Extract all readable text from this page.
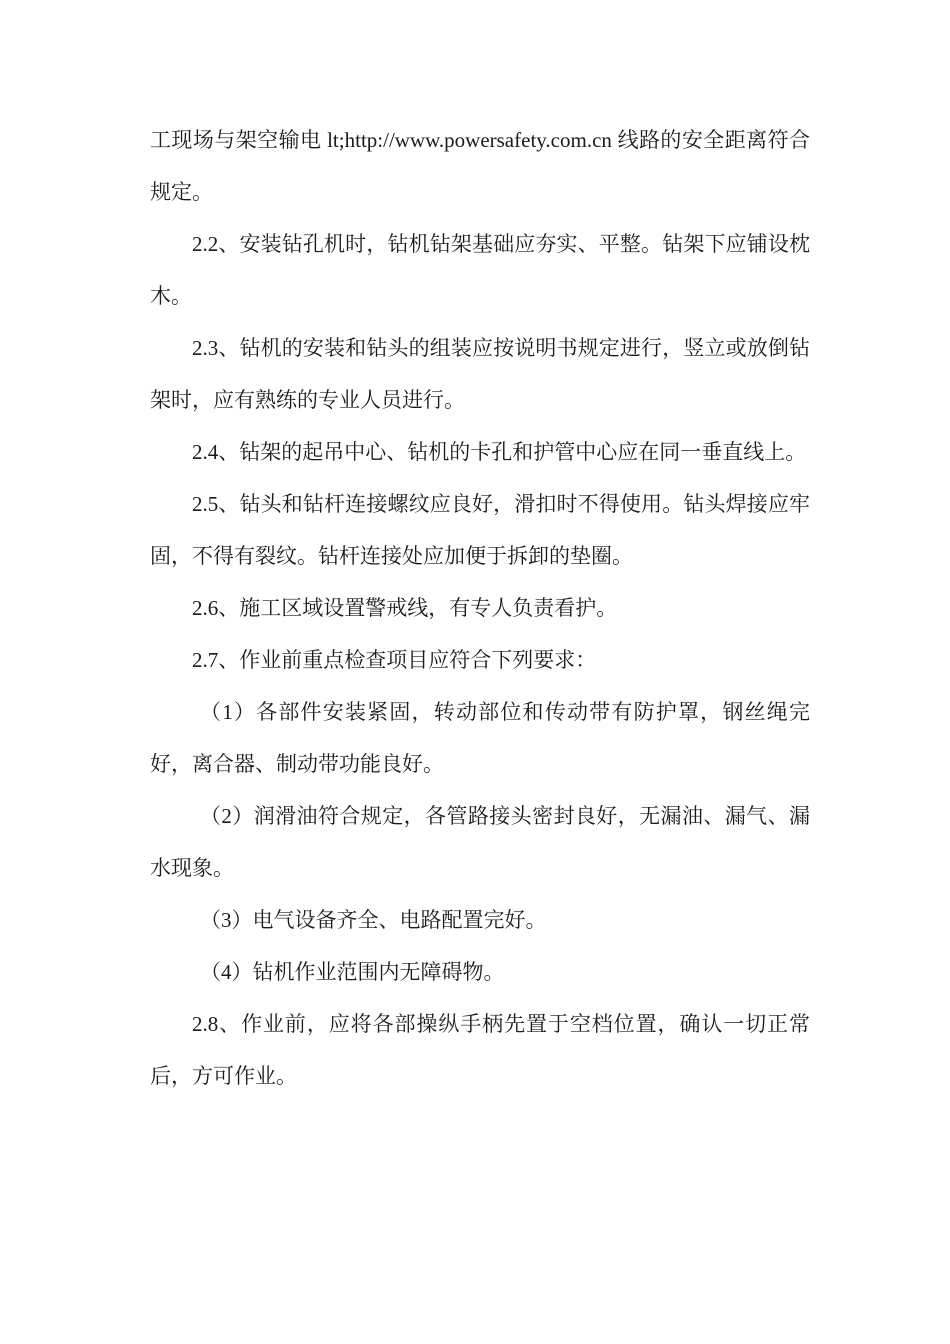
工现场与架空输电 lt;http://www.powersafety.com.cn 线路的安全距离符合规定。

2.2、安装钻孔机时，钻机钻架基础应夯实、平整。钻架下应铺设枕木。

2.3、钻机的安装和钻头的组装应按说明书规定进行，竖立或放倒钻架时，应有熟练的专业人员进行。

2.4、钻架的起吊中心、钻机的卡孔和护管中心应在同一垂直线上。

2.5、钻头和钻杆连接螺纹应良好，滑扣时不得使用。钻头焊接应牢固，不得有裂纹。钻杆连接处应加便于拆卸的垫圈。

2.6、施工区域设置警戒线，有专人负责看护。

2.7、作业前重点检查项目应符合下列要求：

（1）各部件安装紧固，转动部位和传动带有防护罩，钢丝绳完好，离合器、制动带功能良好。

（2）润滑油符合规定，各管路接头密封良好，无漏油、漏气、漏水现象。

（3）电气设备齐全、电路配置完好。

（4）钻机作业范围内无障碍物。

2.8、作业前，应将各部操纵手柄先置于空档位置，确认一切正常后，方可作业。
